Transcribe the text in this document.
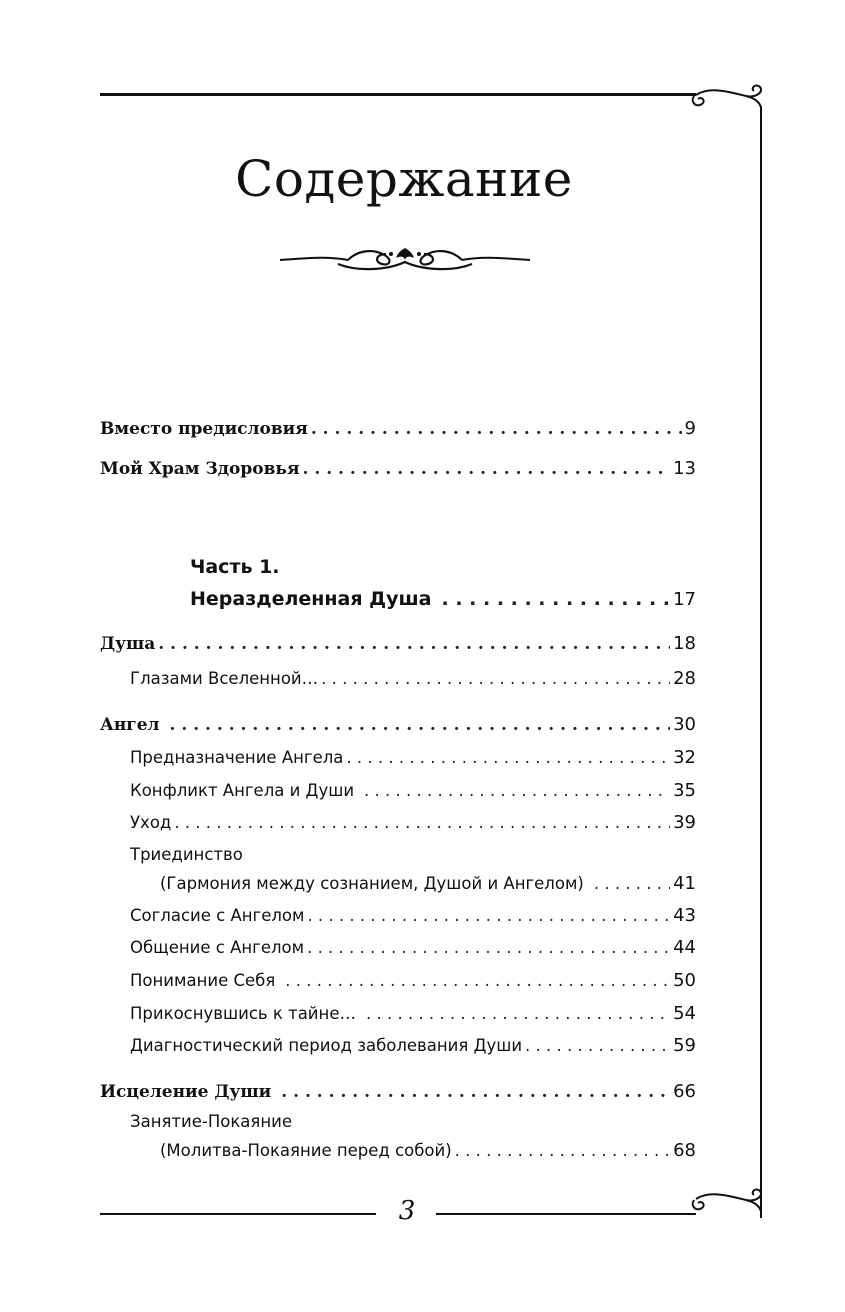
Содержание
Вместо предисловия . . .	9
Мой Храм Здоровья . . .	13
Часть 1.
Неразделенная Душа . . .	17
Душа . . .	18
Глазами Вселенной… . . .	28
Ангел . . .	30
Предназначение Ангела . . .	32
Конфликт Ангела и Души . . .	35
Уход . . .	39
Триединство
(Гармония между сознанием, Душой и Ангелом) . . .	41
Согласие с Ангелом . . .	43
Общение с Ангелом . . .	44
Понимание Себя . . .	50
Прикоснувшись к тайне… . . .	54
Диагностический период заболевания Души . . .	59
Исцеление Души . . .	66
Занятие-Покаяние
(Молитва-Покаяние перед собой) . . .	68
3
